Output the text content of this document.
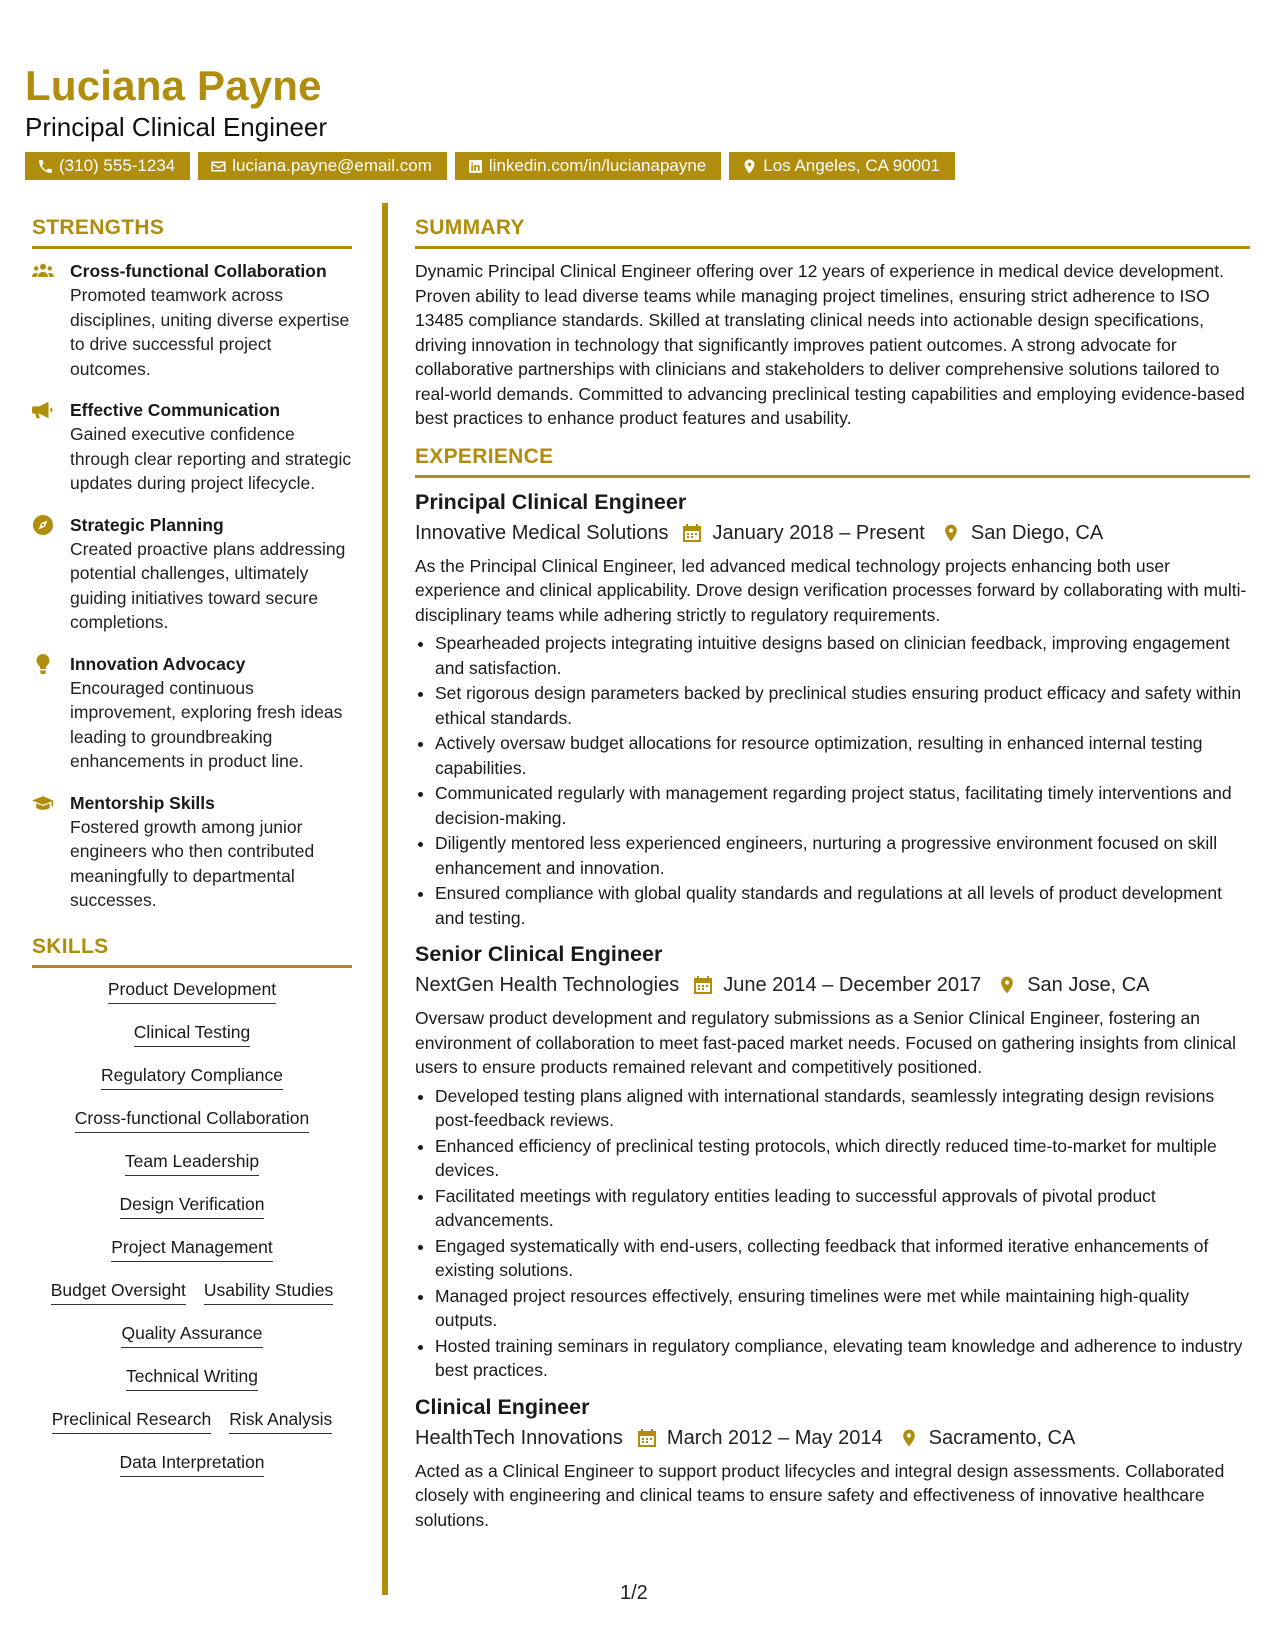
Luciana Payne
Principal Clinical Engineer
(310) 555-1234	luciana.payne@email.com	linkedin.com/in/lucianapayne	Los Angeles, CA 90001
STRENGTHS
Cross-functional Collaboration
Promoted teamwork across disciplines, uniting diverse expertise to drive successful project outcomes.
Effective Communication
Gained executive confidence through clear reporting and strategic updates during project lifecycle.
Strategic Planning
Created proactive plans addressing potential challenges, ultimately guiding initiatives toward secure completions.
Innovation Advocacy
Encouraged continuous improvement, exploring fresh ideas leading to groundbreaking enhancements in product line.
Mentorship Skills
Fostered growth among junior engineers who then contributed meaningfully to departmental successes.
SKILLS
Product Development
Clinical Testing
Regulatory Compliance
Cross-functional Collaboration
Team Leadership
Design Verification
Project Management
Budget Oversight Usability Studies
Quality Assurance
Technical Writing
Preclinical Research Risk Analysis
Data Interpretation
SUMMARY

Dynamic Principal Clinical Engineer offering over 12 years of experience in medical device development. Proven ability to lead diverse teams while managing project timelines, ensuring strict adherence to ISO 13485 compliance standards. Skilled at translating clinical needs into actionable design specifications, driving innovation in technology that significantly improves patient outcomes. A strong advocate for collaborative partnerships with clinicians and stakeholders to deliver comprehensive solutions tailored to real-world demands. Committed to advancing preclinical testing capabilities and employing evidence-based best practices to enhance product features and usability.

EXPERIENCE
Principal Clinical Engineer
Innovative Medical Solutions January 2018 – Present San Diego, CA
As the Principal Clinical Engineer, led advanced medical technology projects enhancing both user experience and clinical applicability. Drove design verification processes forward by collaborating with multi-disciplinary teams while adhering strictly to regulatory requirements.
• Spearheaded projects integrating intuitive designs based on clinician feedback, improving engagement and satisfaction.
• Set rigorous design parameters backed by preclinical studies ensuring product efficacy and safety within ethical standards.
• Actively oversaw budget allocations for resource optimization, resulting in enhanced internal testing capabilities.
• Communicated regularly with management regarding project status, facilitating timely interventions and decision-making.
• Diligently mentored less experienced engineers, nurturing a progressive environment focused on skill enhancement and innovation.
• Ensured compliance with global quality standards and regulations at all levels of product development and testing.
Senior Clinical Engineer
NextGen Health Technologies June 2014 – December 2017 San Jose, CA
Oversaw product development and regulatory submissions as a Senior Clinical Engineer, fostering an environment of collaboration to meet fast-paced market needs. Focused on gathering insights from clinical users to ensure products remained relevant and competitively positioned.
• Developed testing plans aligned with international standards, seamlessly integrating design revisions post-feedback reviews.
• Enhanced efficiency of preclinical testing protocols, which directly reduced time-to-market for multiple devices.
• Facilitated meetings with regulatory entities leading to successful approvals of pivotal product advancements.
• Engaged systematically with end-users, collecting feedback that informed iterative enhancements of existing solutions.
• Managed project resources effectively, ensuring timelines were met while maintaining high-quality outputs.
• Hosted training seminars in regulatory compliance, elevating team knowledge and adherence to industry best practices.
Clinical Engineer
HealthTech Innovations March 2012 – May 2014 Sacramento, CA
Acted as a Clinical Engineer to support product lifecycles and integral design assessments. Collaborated closely with engineering and clinical teams to ensure safety and effectiveness of innovative healthcare solutions.
1/2
